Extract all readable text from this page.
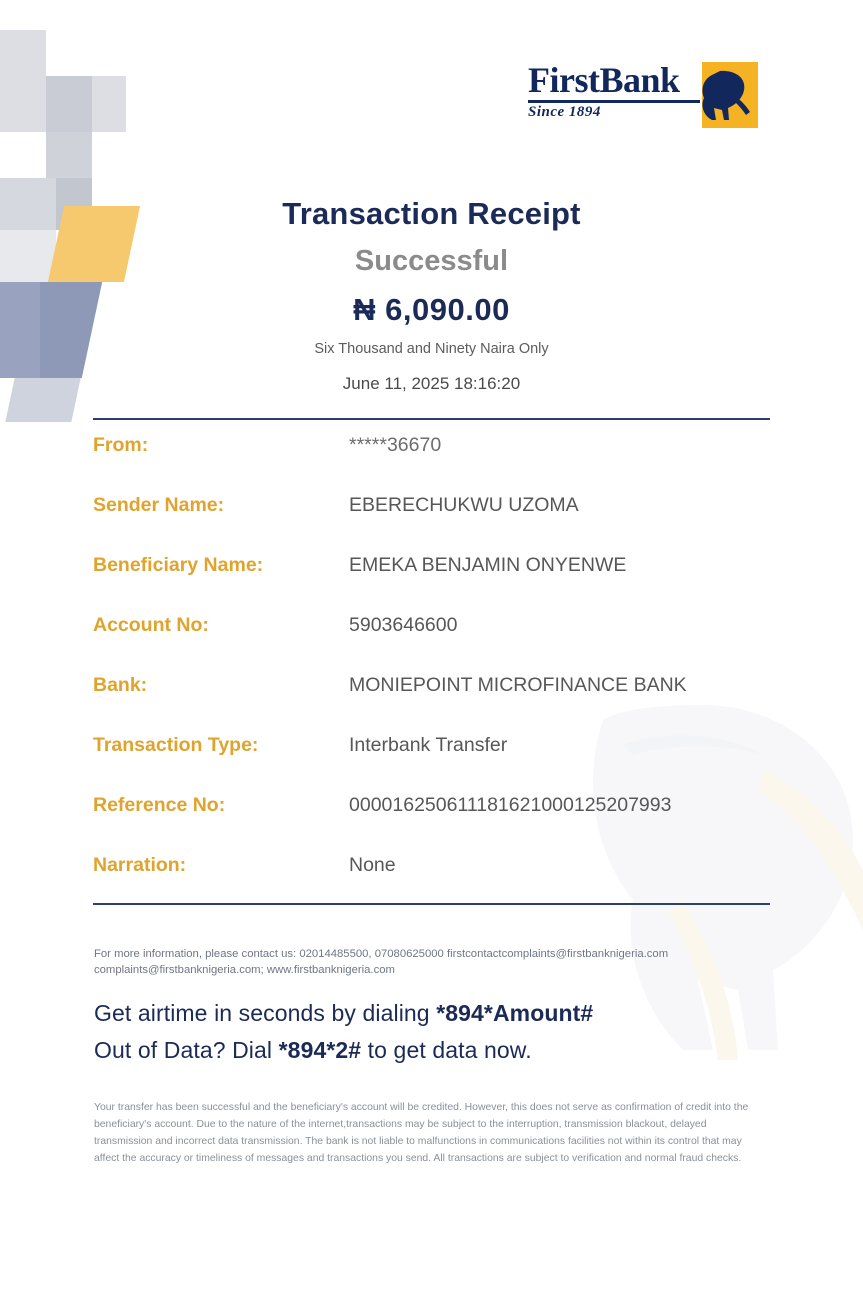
FirstBank
Since 1894
Transaction Receipt
Successful
₦ 6,090.00
Six Thousand and Ninety Naira Only
June 11, 2025 18:16:20
From:	*****36670
Sender Name:	EBERECHUKWU UZOMA
Beneficiary Name:	EMEKA BENJAMIN ONYENWE
Account No:	5903646600
Bank:	MONIEPOINT MICROFINANCE BANK
Transaction Type:	Interbank Transfer
Reference No:	000016250611181621000125207993
Narration:	None
For more information, please contact us: 02014485500, 07080625000 firstcontactcomplaints@firstbanknigeria.com
complaints@firstbanknigeria.com; www.firstbanknigeria.com
Get airtime in seconds by dialing *894*Amount#
Out of Data? Dial *894*2# to get data now.
Your transfer has been successful and the beneficiary's account will be credited. However, this does not serve as confirmation of credit into the beneficiary's account. Due to the nature of the internet,transactions may be subject to the interruption, transmission blackout, delayed transmission and incorrect data transmission. The bank is not liable to malfunctions in communications facilities not within its control that may affect the accuracy or timeliness of messages and transactions you send. All transactions are subject to verification and normal fraud checks.
